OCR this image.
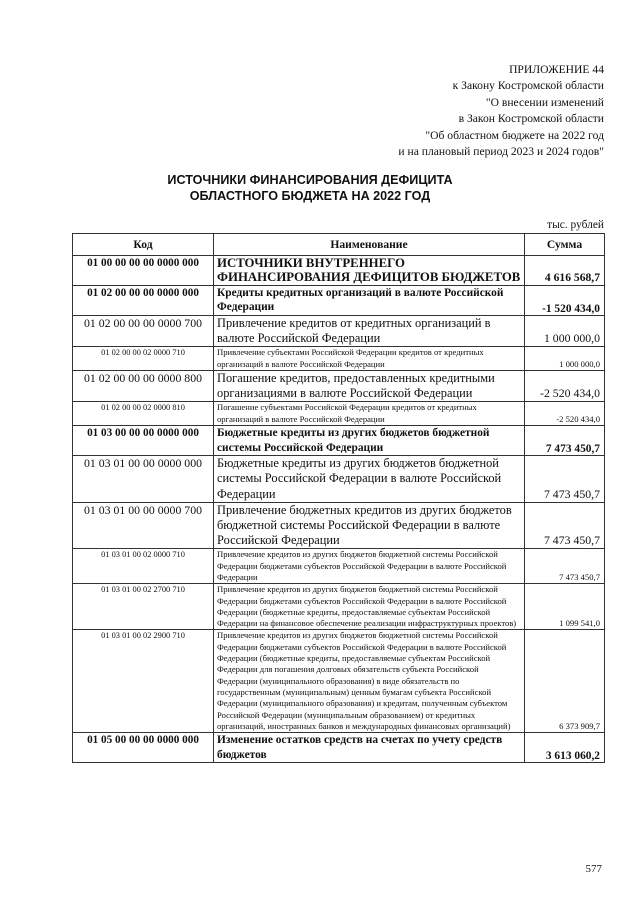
ПРИЛОЖЕНИЕ 44
к Закону Костромской области
"О внесении изменений
в Закон Костромской области
"Об областном бюджете на 2022 год
и на плановый период 2023 и 2024 годов"
ИСТОЧНИКИ ФИНАНСИРОВАНИЯ ДЕФИЦИТА
ОБЛАСТНОГО БЮДЖЕТА НА 2022 ГОД
тыс. рублей
Код	Наименование	Сумма
01 00 00 00 00 0000 000	ИСТОЧНИКИ ВНУТРЕННЕГО ФИНАНСИРОВАНИЯ ДЕФИЦИТОВ БЮДЖЕТОВ	4 616 568,7
01 02 00 00 00 0000 000	Кредиты кредитных организаций в валюте Российской Федерации	-1 520 434,0
01 02 00 00 00 0000 700	Привлечение кредитов от кредитных организаций в валюте Российской Федерации	1 000 000,0
01 02 00 00 02 0000 710	Привлечение субъектами Российской Федерации кредитов от кредитных организаций в валюте Российской Федерации	1 000 000,0
01 02 00 00 00 0000 800	Погашение кредитов, предоставленных кредитными организациями в валюте Российской Федерации	-2 520 434,0
01 02 00 00 02 0000 810	Погашение субъектами Российской Федерации кредитов от кредитных организаций в валюте Российской Федерации	-2 520 434,0
01 03 00 00 00 0000 000	Бюджетные кредиты из других бюджетов бюджетной системы Российской Федерации	7 473 450,7
01 03 01 00 00 0000 000	Бюджетные кредиты из других бюджетов бюджетной системы Российской Федерации в валюте Российской Федерации	7 473 450,7
01 03 01 00 00 0000 700	Привлечение бюджетных кредитов из других бюджетов бюджетной системы Российской Федерации в валюте Российской Федерации	7 473 450,7
01 03 01 00 02 0000 710	Привлечение кредитов из других бюджетов бюджетной системы Российской Федерации бюджетами субъектов Российской Федерации в валюте Российской Федерации	7 473 450,7
01 03 01 00 02 2700 710	Привлечение кредитов из других бюджетов бюджетной системы Российской Федерации бюджетами субъектов Российской Федерации в валюте Российской Федерации (бюджетные кредиты, предоставляемые субъектам Российской Федерации на финансовое обеспечение реализации инфраструктурных проектов)	1 099 541,0
01 03 01 00 02 2900 710	Привлечение кредитов из других бюджетов бюджетной системы Российской Федерации бюджетами субъектов Российской Федерации в валюте Российской Федерации (бюджетные кредиты, предоставляемые субъектам Российской Федерации для погашения долговых обязательств субъекта Российской Федерации (муниципального образования) в виде обязательств по государственным (муниципальным) ценным бумагам субъекта Российской Федерации (муниципального образования) и кредитам, полученным субъектом Российской Федерации (муниципальным образованием) от кредитных организаций, иностранных банков и международных финансовых организаций)	6 373 909,7
01 05 00 00 00 0000 000	Изменение остатков средств на счетах по учету средств бюджетов	3 613 060,2
577
